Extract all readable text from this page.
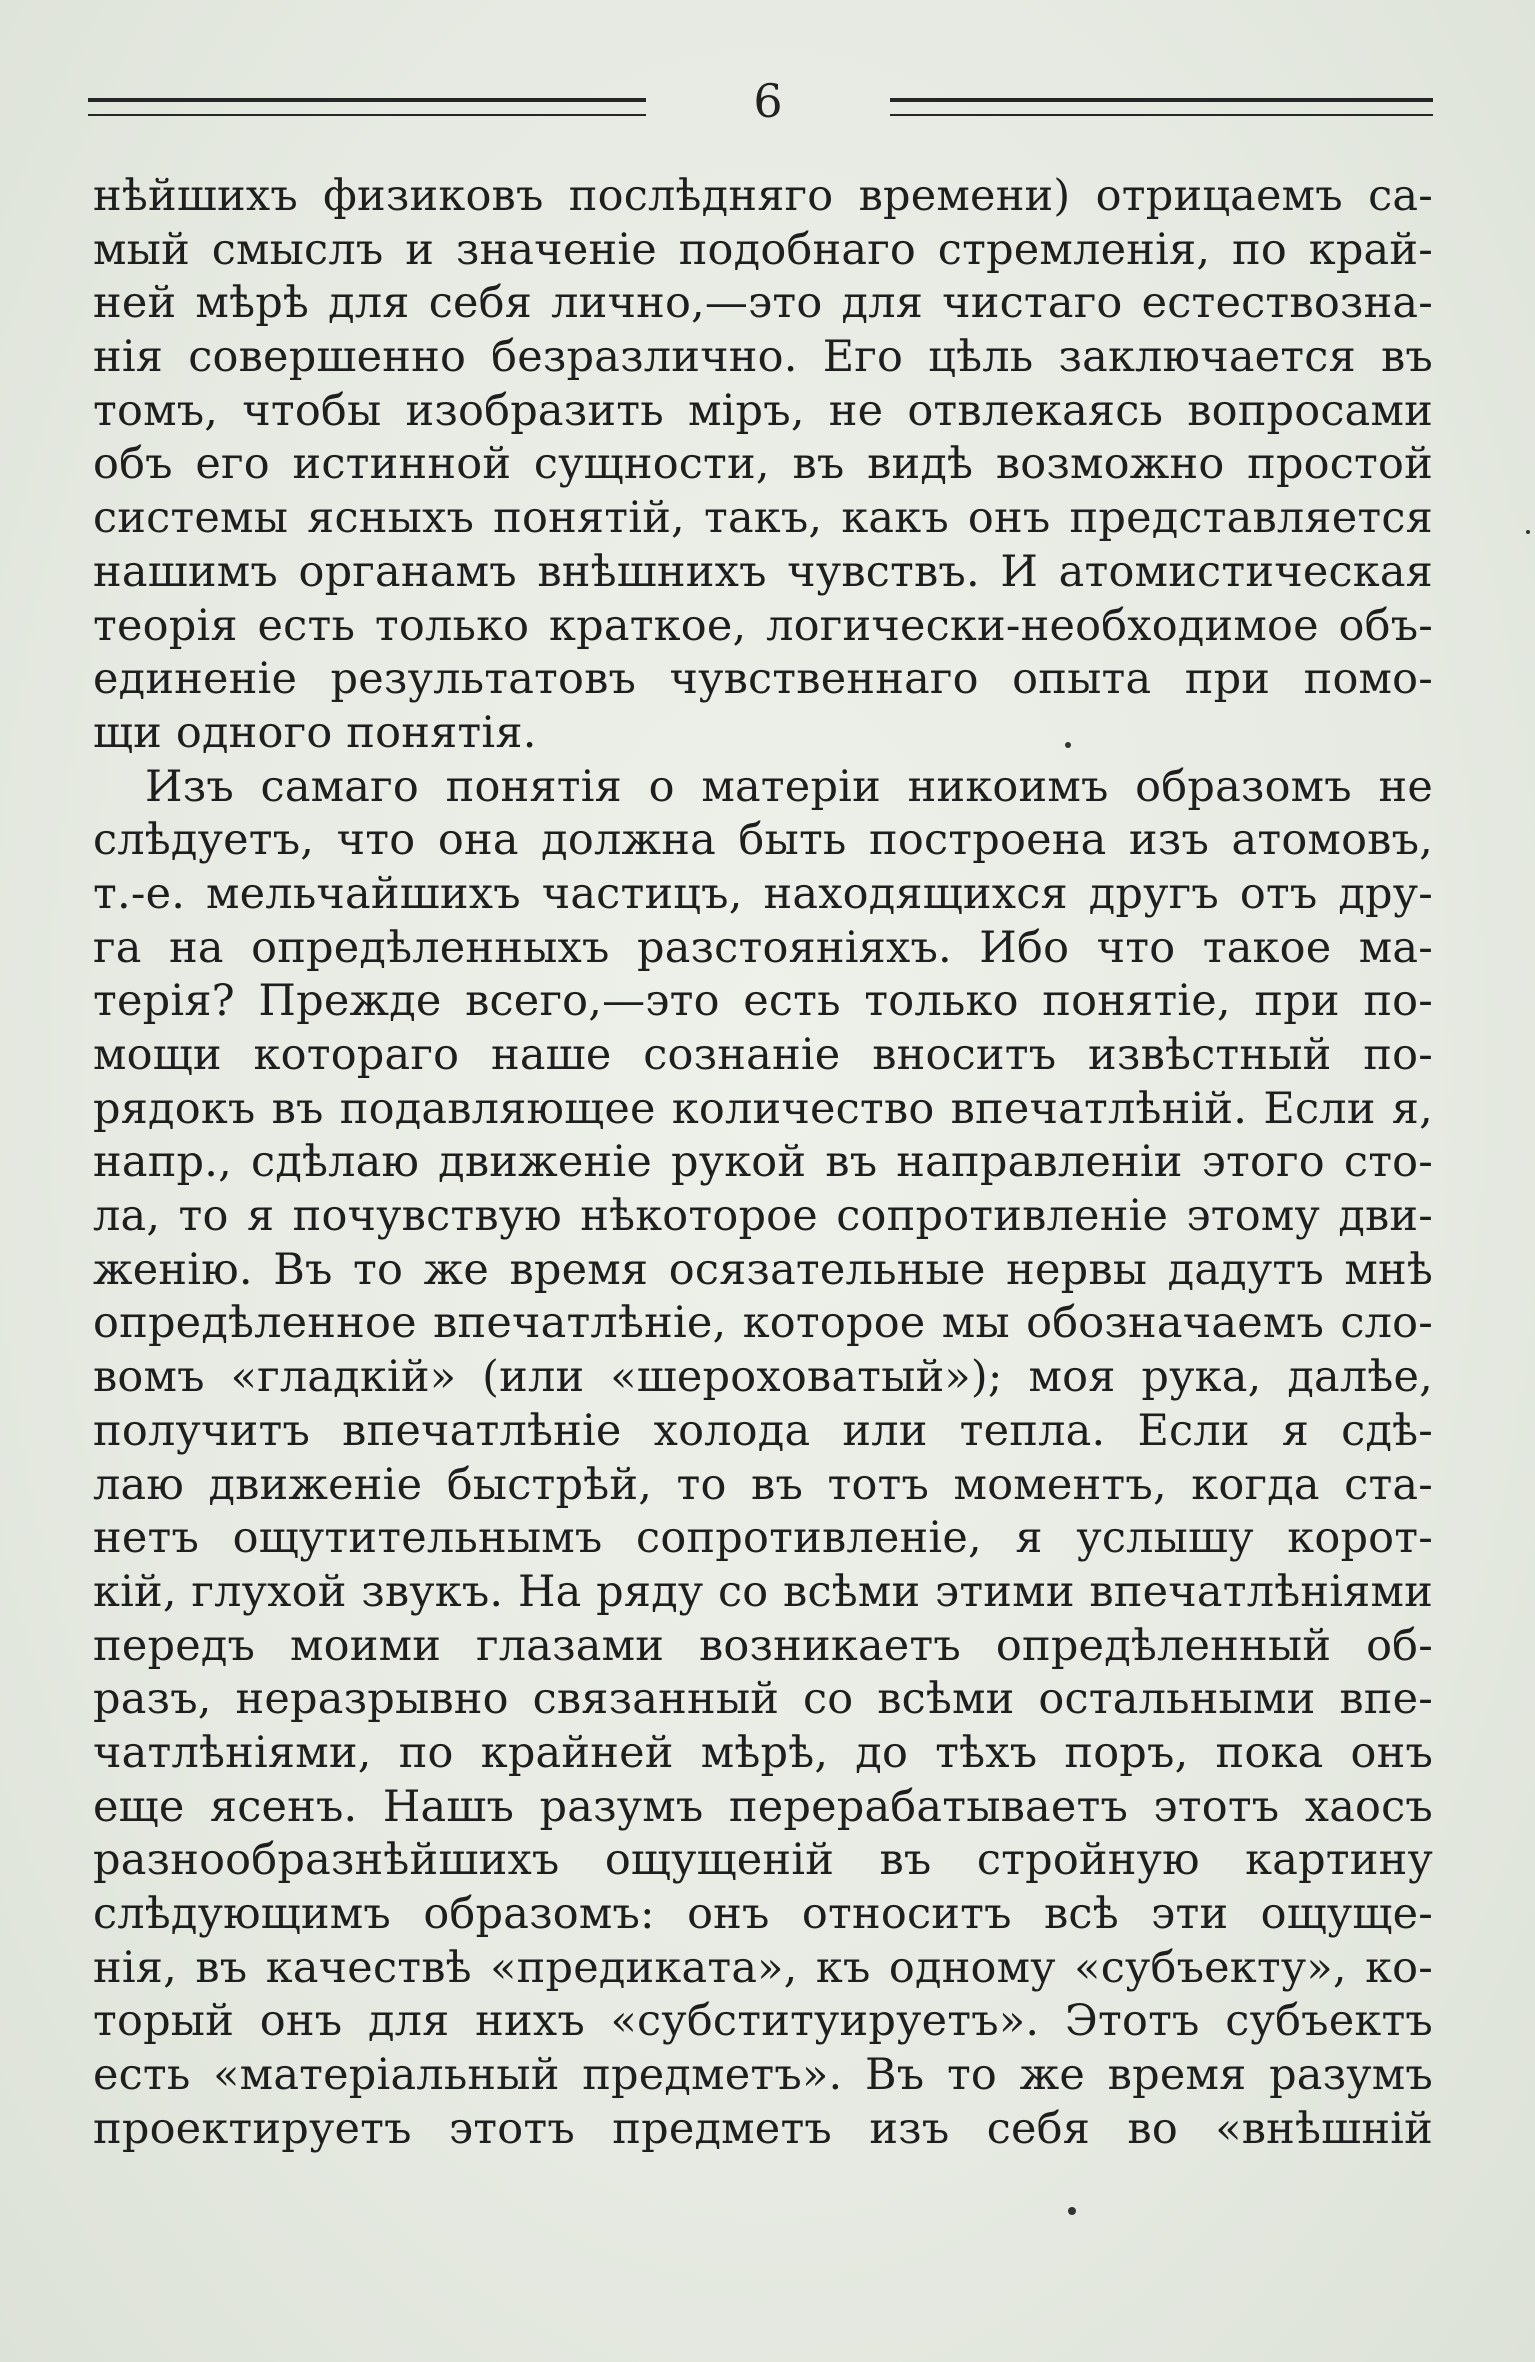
6
нѣйшихъ физиковъ послѣдняго времени) отрицаемъ са-
мый смыслъ и значенiе подобнаго стремленiя, по край-
ней мѣрѣ для себя лично,—это для чистаго естествозна-
нiя совершенно безразлично. Его цѣль заключается въ
томъ, чтобы изобразить мiръ, не отвлекаясь вопросами
объ его истинной сущности, въ видѣ возможно простой
системы ясныхъ понятiй, такъ, какъ онъ представляется
нашимъ органамъ внѣшнихъ чувствъ. И атомистическая
теорiя есть только краткое, логически-необходимое объ-
единенiе результатовъ чувственнаго опыта при помо-
щи одного понятiя.
Изъ самаго понятiя о матерiи никоимъ образомъ не
слѣдуетъ, что она должна быть построена изъ атомовъ,
т.-е. мельчайшихъ частицъ, находящихся другъ отъ дру-
га на опредѣленныхъ разстоянiяхъ. Ибо что такое ма-
терiя? Прежде всего,—это есть только понятiе, при по-
мощи котораго наше сознанiе вноситъ извѣстный по-
рядокъ въ подавляющее количество впечатлѣнiй. Если я,
напр., сдѣлаю движенiе рукой въ направленiи этого сто-
ла, то я почувствую нѣкоторое сопротивленiе этому дви-
женiю. Въ то же время осязательные нервы дадутъ мнѣ
опредѣленное впечатлѣнiе, которое мы обозначаемъ сло-
вомъ «гладкiй» (или «шероховатый»); моя рука, далѣе,
получитъ впечатлѣнiе холода или тепла. Если я сдѣ-
лаю движенiе быстрѣй, то въ тотъ моментъ, когда ста-
нетъ ощутительнымъ сопротивленiе, я услышу корот-
кiй, глухой звукъ. На ряду со всѣми этими впечатлѣнiями
передъ моими глазами возникаетъ опредѣленный об-
разъ, неразрывно связанный со всѣми остальными впе-
чатлѣнiями, по крайней мѣрѣ, до тѣхъ поръ, пока онъ
еще ясенъ. Нашъ разумъ перерабатываетъ этотъ хаосъ
разнообразнѣйшихъ ощущенiй въ стройную картину
слѣдующимъ образомъ: онъ относитъ всѣ эти ощуще-
нiя, въ качествѣ «предиката», къ одному «субъекту», ко-
торый онъ для нихъ «субституируетъ». Этотъ субъектъ
есть «матерiальный предметъ». Въ то же время разумъ
проектируетъ этотъ предметъ изъ себя во «внѣшнiй
